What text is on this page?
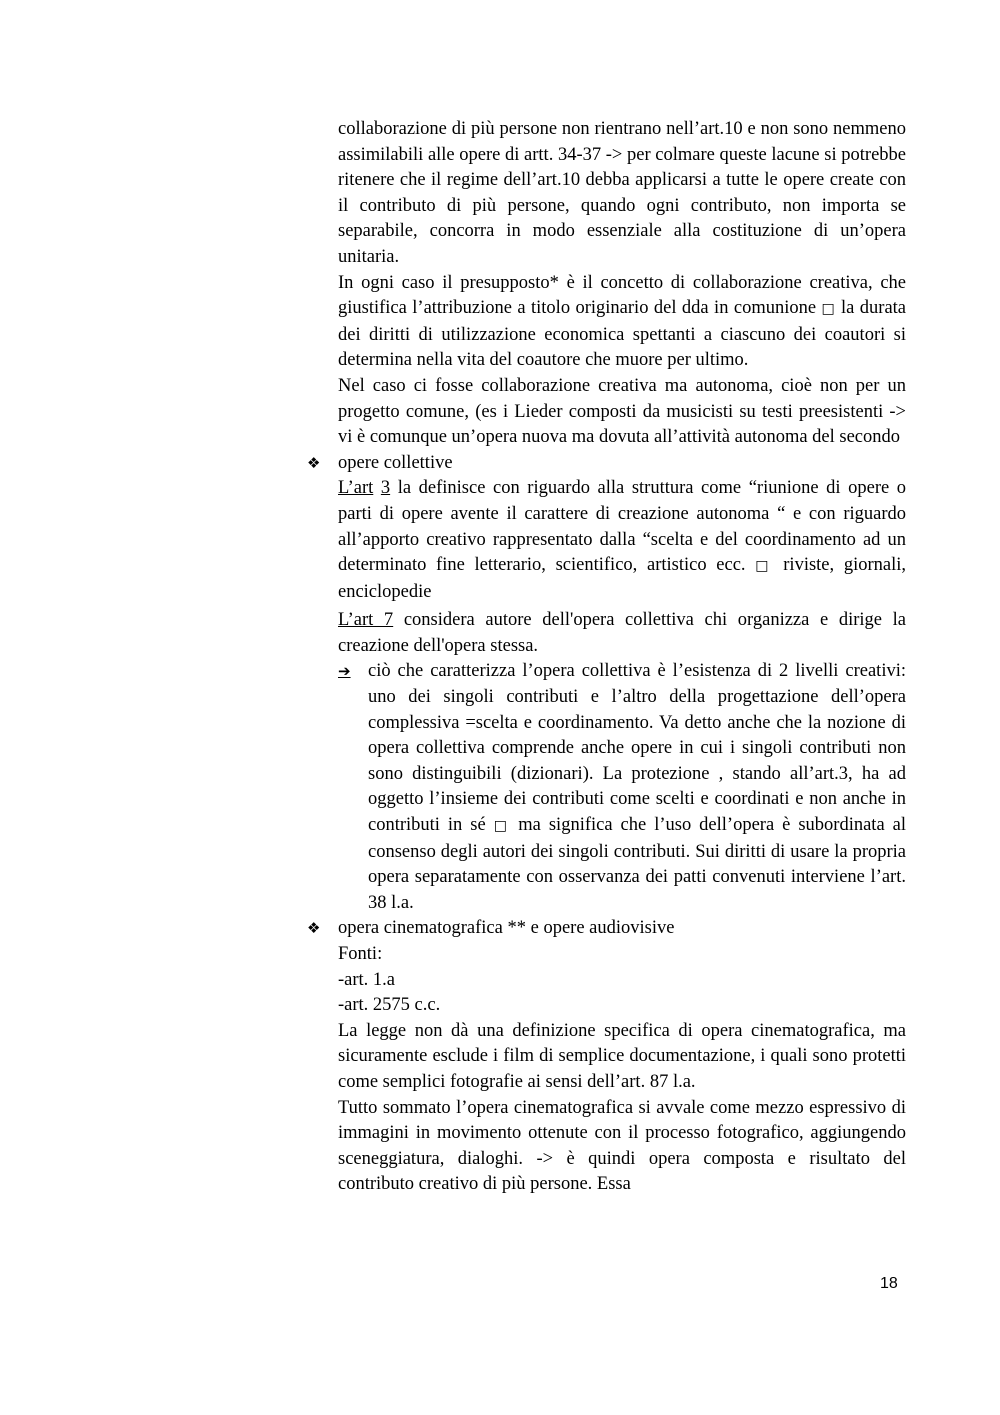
collaborazione di più persone non rientrano nell’art.10 e non sono nemmeno assimilabili alle opere di artt. 34-37 -> per colmare queste lacune si potrebbe ritenere che il regime dell’art.10 debba applicarsi a tutte le opere create con il contributo di più persone, quando ogni contributo, non importa se separabile, concorra in modo essenziale alla costituzione di un’opera unitaria.

In ogni caso il presupposto* è il concetto di collaborazione creativa, che giustifica l’attribuzione a titolo originario del dda in comunione □ la durata dei diritti di utilizzazione economica spettanti a ciascuno dei coautori si determina nella vita del coautore che muore per ultimo.

Nel caso ci fosse collaborazione creativa ma autonoma, cioè non per un progetto comune, (es i Lieder composti da musicisti su testi preesistenti -> vi è comunque un’opera nuova ma dovuta all’attività autonoma del secondo

❖ opere collettive

L’art 3 la definisce con riguardo alla struttura come “riunione di opere o parti di opere avente il carattere di creazione autonoma “ e con riguardo all’apporto creativo rappresentato dalla “scelta e del coordinamento ad un determinato fine letterario, scientifico, artistico ecc. □ riviste, giornali, enciclopedie

L’art 7 considera autore dell'opera collettiva chi organizza e dirige la creazione dell'opera stessa.

➔ ciò che caratterizza l’opera collettiva è l’esistenza di 2 livelli creativi: uno dei singoli contributi e l’altro della progettazione dell’opera complessiva =scelta e coordinamento. Va detto anche che la nozione di opera collettiva comprende anche opere in cui i singoli contributi non sono distinguibili (dizionari). La protezione , stando all’art.3, ha ad oggetto l’insieme dei contributi come scelti e coordinati e non anche in contributi in sé □ ma significa che l’uso dell’opera è subordinata al consenso degli autori dei singoli contributi. Sui diritti di usare la propria opera separatamente con osservanza dei patti convenuti interviene l’art. 38 l.a.

❖ opera cinematografica ** e opere audiovisive

Fonti:

-art. 1.a

-art. 2575 c.c.

La legge non dà una definizione specifica di opera cinematografica, ma sicuramente esclude i film di semplice documentazione, i quali sono protetti come semplici fotografie ai sensi dell’art. 87 l.a.

Tutto sommato l’opera cinematografica si avvale come mezzo espressivo di immagini in movimento ottenute con il processo fotografico, aggiungendo sceneggiatura, dialoghi. -> è quindi opera composta e risultato del contributo creativo di più persone. Essa

18
